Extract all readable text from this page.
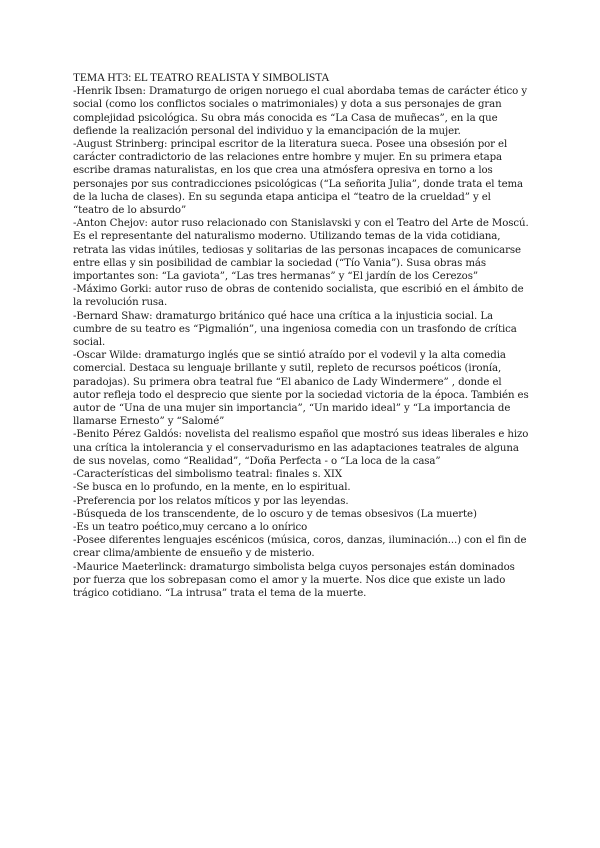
TEMA HT3: EL TEATRO REALISTA Y SIMBOLISTA

-Henrik Ibsen: Dramaturgo de origen noruego el cual abordaba temas de carácter ético y social (como los conflictos sociales o matrimoniales) y dota a sus personajes de gran complejidad psicológica. Su obra más conocida es “La Casa de muñecas”, en la que defiende la realización personal del individuo y la emancipación de la mujer.

-August Strinberg: principal escritor de la literatura sueca. Posee una obsesión por el carácter contradictorio de las relaciones entre hombre y mujer. En su primera etapa escribe dramas naturalistas, en los que crea una atmósfera opresiva en torno a los personajes por sus contradicciones psicológicas (“La señorita Julia”, donde trata el tema de la lucha de clases). En su segunda etapa anticipa el “teatro de la crueldad” y el “teatro de lo absurdo”

-Anton Chejov: autor ruso relacionado con Stanislavski y con el Teatro del Arte de Moscú. Es el representante del naturalismo moderno. Utilizando temas de la vida cotidiana, retrata las vidas inútiles, tediosas y solitarias de las personas incapaces de comunicarse entre ellas y sin posibilidad de cambiar la sociedad (“Tío Vania”). Susa obras más importantes son: “La gaviota”, “Las tres hermanas” y “El jardín de los Cerezos”

-Máximo Gorki: autor ruso de obras de contenido socialista, que escribió en el ámbito de la revolución rusa.

-Bernard Shaw: dramaturgo británico qué hace una crítica a la injusticia social. La cumbre de su teatro es “Pigmalión”, una ingeniosa comedia con un trasfondo de crítica social.

-Oscar Wilde: dramaturgo inglés que se sintió atraído por el vodevil y la alta comedia comercial. Destaca su lenguaje brillante y sutil, repleto de recursos poéticos (ironía, paradojas). Su primera obra teatral fue “El abanico de Lady Windermere” , donde el autor refleja todo el desprecio que siente por la sociedad victoria de la época. También es autor de “Una de una mujer sin importancia”, “Un marido ideal” y “La importancia de llamarse Ernesto” y “Salomé”

-Benito Pérez Galdós: novelista del realismo español que mostró sus ideas liberales e hizo una crítica la intolerancia y el conservadurismo en las adaptaciones teatrales de alguna de sus novelas, como “Realidad”, “Doña Perfecta - o “La loca de la casa”

-Características del simbolismo teatral: finales s. XIX

-Se busca en lo profundo, en la mente, en lo espiritual.

-Preferencia por los relatos míticos y por las leyendas.

-Búsqueda de los transcendente, de lo oscuro y de temas obsesivos (La muerte)

-Es un teatro poético,muy cercano a lo onírico

-Posee diferentes lenguajes escénicos (música, coros, danzas, iluminación...) con el fin de crear clima/ambiente de ensueño y de misterio.

-Maurice Maeterlinck: dramaturgo simbolista belga cuyos personajes están dominados por fuerza que los sobrepasan como el amor y la muerte. Nos dice que existe un lado trágico cotidiano. “La intrusa” trata el tema de la muerte.
